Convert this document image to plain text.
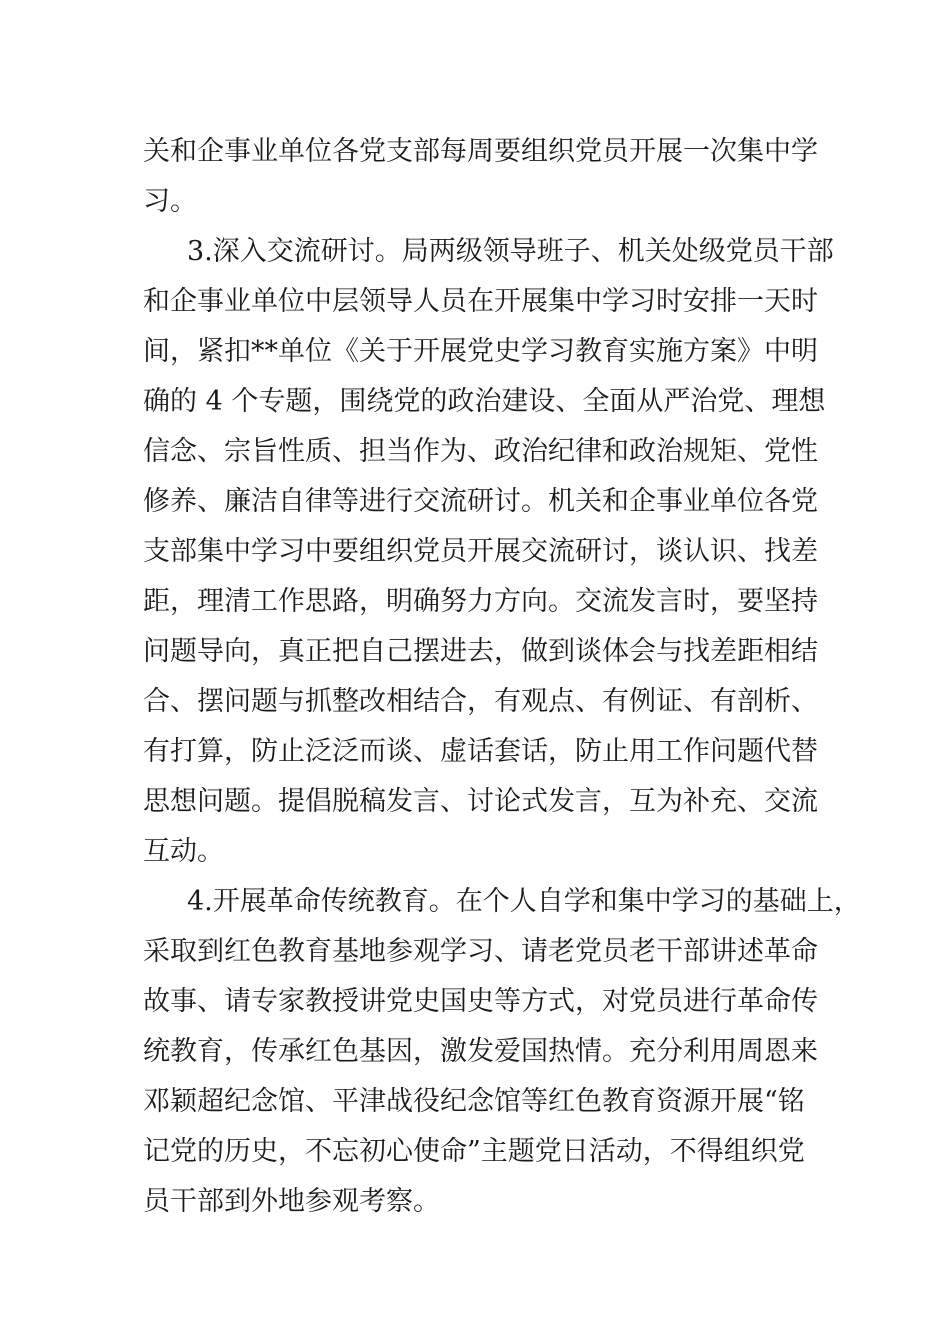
关和企事业单位各党支部每周要组织党员开展一次集中学
习。
3.深入交流研讨。局两级领导班子、机关处级党员干部
和企事业单位中层领导人员在开展集中学习时安排一天时
间，紧扣**单位《关于开展党史学习教育实施方案》中明
确的 4 个专题，围绕党的政治建设、全面从严治党、理想
信念、宗旨性质、担当作为、政治纪律和政治规矩、党性
修养、廉洁自律等进行交流研讨。机关和企事业单位各党
支部集中学习中要组织党员开展交流研讨，谈认识、找差
距，理清工作思路，明确努力方向。交流发言时，要坚持
问题导向，真正把自己摆进去，做到谈体会与找差距相结
合、摆问题与抓整改相结合，有观点、有例证、有剖析、
有打算，防止泛泛而谈、虚话套话，防止用工作问题代替
思想问题。提倡脱稿发言、讨论式发言，互为补充、交流
互动。
4.开展革命传统教育。在个人自学和集中学习的基础上，
采取到红色教育基地参观学习、请老党员老干部讲述革命
故事、请专家教授讲党史国史等方式，对党员进行革命传
统教育，传承红色基因，激发爱国热情。充分利用周恩来
邓颖超纪念馆、平津战役纪念馆等红色教育资源开展“铭
记党的历史，不忘初心使命”主题党日活动，不得组织党
员干部到外地参观考察。
